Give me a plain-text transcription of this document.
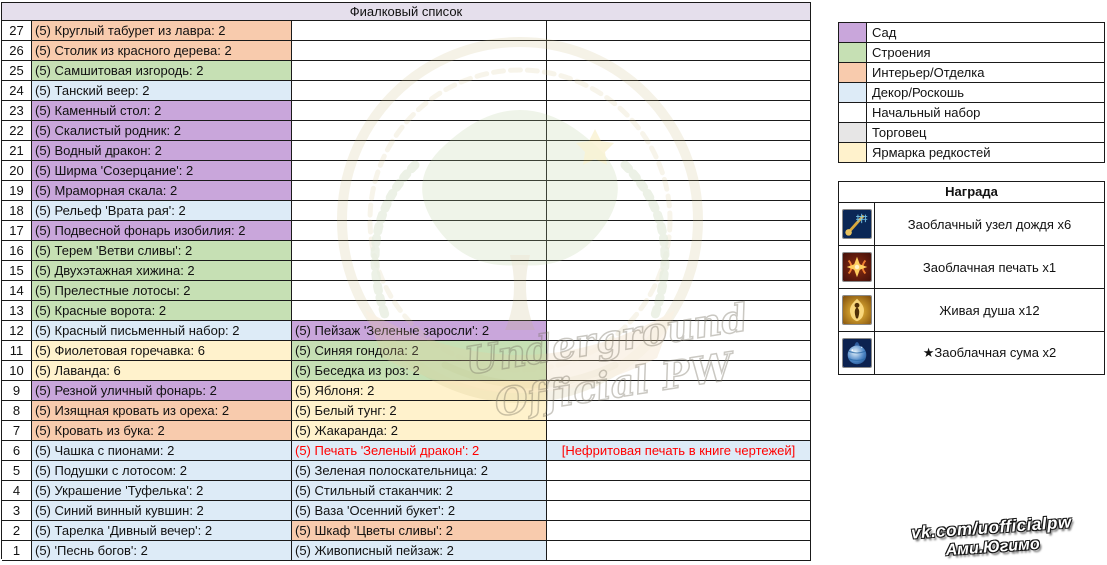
Фиалковый список
27 (5) Круглый табурет из лавра: 2
26 (5) Столик из красного дерева: 2
25 (5) Самшитовая изгородь: 2
24 (5) Танский веер: 2
23 (5) Каменный стол: 2
22 (5) Скалистый родник: 2
21 (5) Водный дракон: 2
20 (5) Ширма 'Созерцание': 2
19 (5) Мраморная скала: 2
18 (5) Рельеф 'Врата рая': 2
17 (5) Подвесной фонарь изобилия: 2
16 (5) Терем 'Ветви сливы': 2
15 (5) Двухэтажная хижина: 2
14 (5) Прелестные лотосы: 2
13 (5) Красные ворота: 2
12 (5) Красный письменный набор: 2	(5) Пейзаж 'Зеленые заросли': 2
11 (5) Фиолетовая горечавка: 6	(5) Синяя гондола: 2
10 (5) Лаванда: 6	(5) Беседка из роз: 2
9	(5) Резной уличный фонарь: 2	(5) Яблоня: 2
8	(5) Изящная кровать из ореха: 2	(5) Белый тунг: 2
7	(5) Кровать из бука: 2	(5) Жакаранда: 2
6	(5) Чашка с пионами: 2	(5) Печать 'Зеленый дракон': 2	[Нефритовая печать в книге чертежей]
5	(5) Подушки с лотосом: 2	(5) Зеленая полоскательница: 2
4	(5) Украшение 'Туфелька': 2	(5) Стильный стаканчик: 2
3	(5) Синий винный кувшин: 2	(5) Ваза 'Осенний букет': 2
2	(5) Тарелка 'Дивный вечер': 2	(5) Шкаф 'Цветы сливы': 2
1	(5) 'Песнь богов': 2	(5) Живописный пейзаж: 2
Сад
Строения
Интерьер/Отделка
Декор/Роскошь
Начальный набор
Торговец
Ярмарка редкостей
Награда
Заоблачный узел дождя х6
Заоблачная печать х1
Живая душа х12
★Заоблачная сума х2
vk.com/uofficialpw
Ами.Югимо
